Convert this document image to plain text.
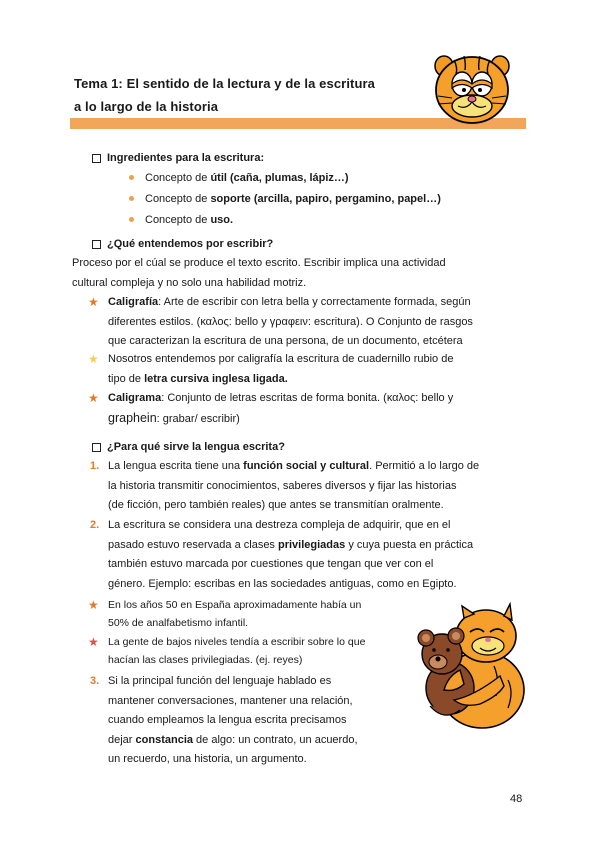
Tema 1: El sentido de la lectura y de la escritura

a lo largo de la historia

Ingredientes para la escritura:
Concepto de útil (caña, plumas, lápiz…)
Concepto de soporte (arcilla, papiro, pergamino, papel…)
Concepto de uso.
¿Qué entendemos por escribir?
Proceso por el cúal se produce el texto escrito. Escribir implica una actividad
cultural compleja y no solo una habilidad motriz.
★ Caligrafía: Arte de escribir con letra bella y correctamente formada, según
diferentes estilos. (καλος: bello y γραφειν: escritura). O Conjunto de rasgos
que caracterizan la escritura de una persona, de un documento, etcétera
★ Nosotros entendemos por caligrafía la escritura de cuadernillo rubio de
tipo de letra cursiva inglesa ligada.
★ Caligrama: Conjunto de letras escritas de forma bonita. (καλος: bello y
graphein: grabar/ escribir)
¿Para qué sirve la lengua escrita?
1. La lengua escrita tiene una función social y cultural. Permitió a lo largo de
la historia transmitir conocimientos, saberes diversos y fijar las historias
(de ficción, pero también reales) que antes se transmitían oralmente.
2. La escritura se considera una destreza compleja de adquirir, que en el
pasado estuvo reservada a clases privilegiadas y cuya puesta en práctica
también estuvo marcada por cuestiones que tengan que ver con el
género. Ejemplo: escribas en las sociedades antiguas, como en Egipto.
★ En los años 50 en España aproximadamente había un
50% de analfabetismo infantil.
★ La gente de bajos niveles tendía a escribir sobre lo que
hacían las clases privilegiadas. (ej. reyes)
3. Si la principal función del lenguaje hablado es
mantener conversaciones, mantener una relación,
cuando empleamos la lengua escrita precisamos
dejar constancia de algo: un contrato, un acuerdo,
un recuerdo, una historia, un argumento.
48
